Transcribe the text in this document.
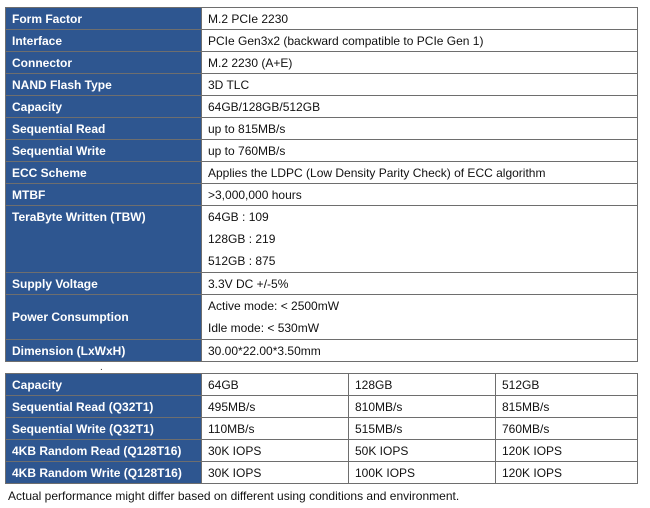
Form Factor	M.2 PCIe 2230
Interface	PCIe Gen3x2 (backward compatible to PCIe Gen 1)
Connector	M.2 2230 (A+E)
NAND Flash Type	3D TLC
Capacity	64GB/128GB/512GB
Sequential Read	up to 815MB/s
Sequential Write	up to 760MB/s
ECC Scheme	Applies the LDPC (Low Density Parity Check) of ECC algorithm
MTBF	>3,000,000 hours
TeraByte Written (TBW)	64GB : 109
128GB : 219
512GB : 875

Supply Voltage	3.3V DC +/-5%
Power Consumption	Active mode: < 2500mW
Idle mode: < 530mW

Dimension (LxWxH)	30.00*22.00*3.50mm
.
Capacity	64GB	128GB	512GB
Sequential Read (Q32T1)	495MB/s	810MB/s	815MB/s
Sequential Write (Q32T1)	110MB/s	515MB/s	760MB/s
4KB Random Read (Q128T16)	30K IOPS	50K IOPS	120K IOPS
4KB Random Write (Q128T16)	30K IOPS	100K IOPS	120K IOPS
Actual performance might differ based on different using conditions and environment.
